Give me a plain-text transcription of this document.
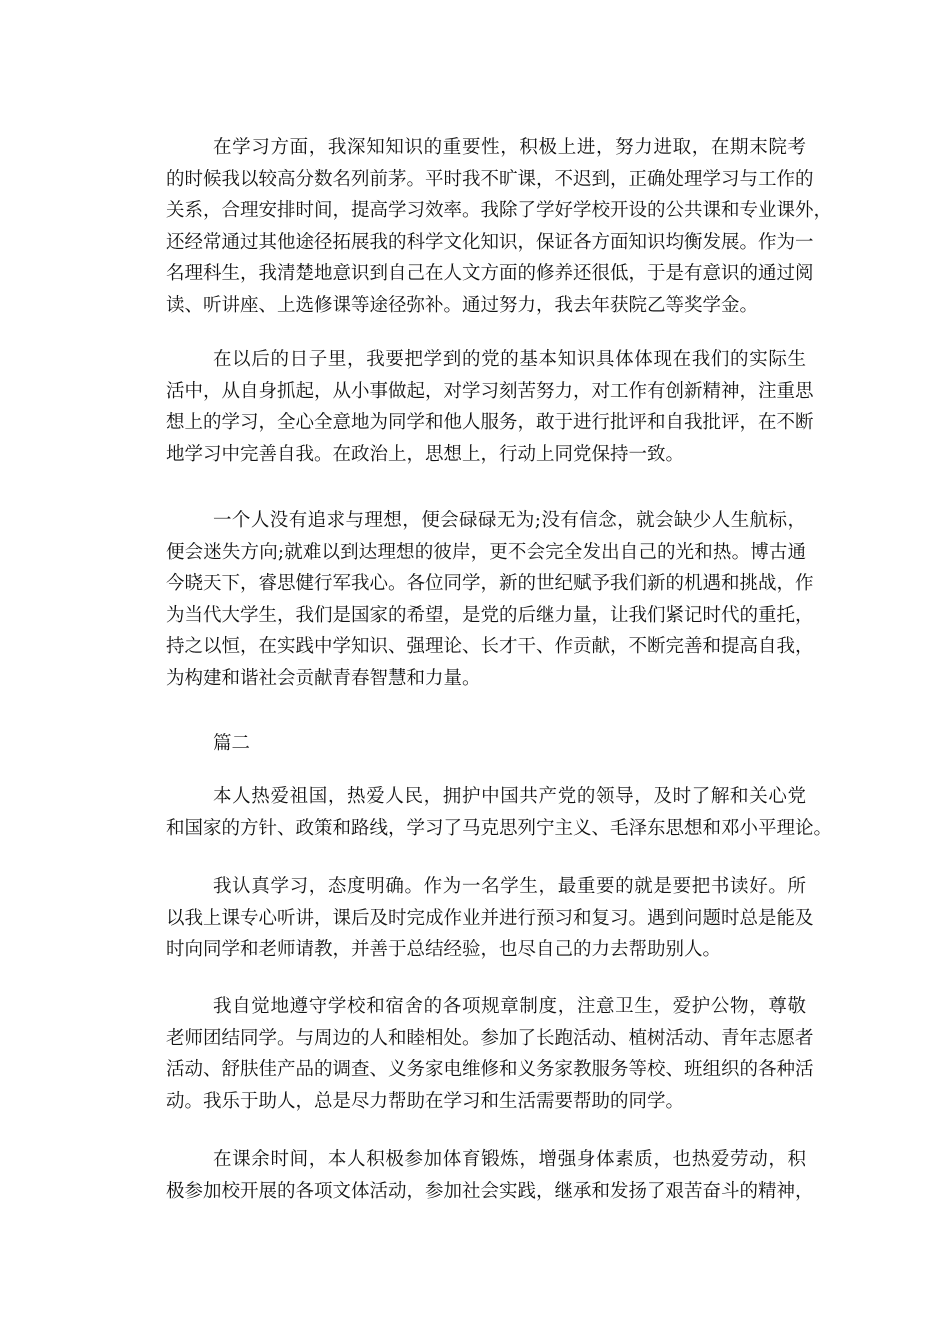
在学习方面，我深知知识的重要性，积极上进，努力进取，在期末院考
的时候我以较高分数名列前茅。平时我不旷课，不迟到，正确处理学习与工作的
关系，合理安排时间，提高学习效率。我除了学好学校开设的公共课和专业课外，
还经常通过其他途径拓展我的科学文化知识，保证各方面知识均衡发展。作为一
名理科生，我清楚地意识到自己在人文方面的修养还很低，于是有意识的通过阅
读、听讲座、上选修课等途径弥补。通过努力，我去年获院乙等奖学金。
在以后的日子里，我要把学到的党的基本知识具体体现在我们的实际生
活中，从自身抓起，从小事做起，对学习刻苦努力，对工作有创新精神，注重思
想上的学习，全心全意地为同学和他人服务，敢于进行批评和自我批评，在不断
地学习中完善自我。在政治上，思想上，行动上同党保持一致。
一个人没有追求与理想，便会碌碌无为;没有信念，就会缺少人生航标，
便会迷失方向;就难以到达理想的彼岸，更不会完全发出自己的光和热。博古通
今晓天下，睿思健行军我心。各位同学，新的世纪赋予我们新的机遇和挑战，作
为当代大学生，我们是国家的希望，是党的后继力量，让我们紧记时代的重托，
持之以恒，在实践中学知识、强理论、长才干、作贡献，不断完善和提高自我，
为构建和谐社会贡献青春智慧和力量。
篇二
本人热爱祖国，热爱人民，拥护中国共产党的领导，及时了解和关心党
和国家的方针、政策和路线，学习了马克思列宁主义、毛泽东思想和邓小平理论。
我认真学习，态度明确。作为一名学生，最重要的就是要把书读好。所
以我上课专心听讲，课后及时完成作业并进行预习和复习。遇到问题时总是能及
时向同学和老师请教，并善于总结经验，也尽自己的力去帮助别人。
我自觉地遵守学校和宿舍的各项规章制度，注意卫生，爱护公物，尊敬
老师团结同学。与周边的人和睦相处。参加了长跑活动、植树活动、青年志愿者
活动、舒肤佳产品的调查、义务家电维修和义务家教服务等校、班组织的各种活
动。我乐于助人，总是尽力帮助在学习和生活需要帮助的同学。
在课余时间，本人积极参加体育锻炼，增强身体素质，也热爱劳动，积
极参加校开展的各项文体活动，参加社会实践，继承和发扬了艰苦奋斗的精神，
